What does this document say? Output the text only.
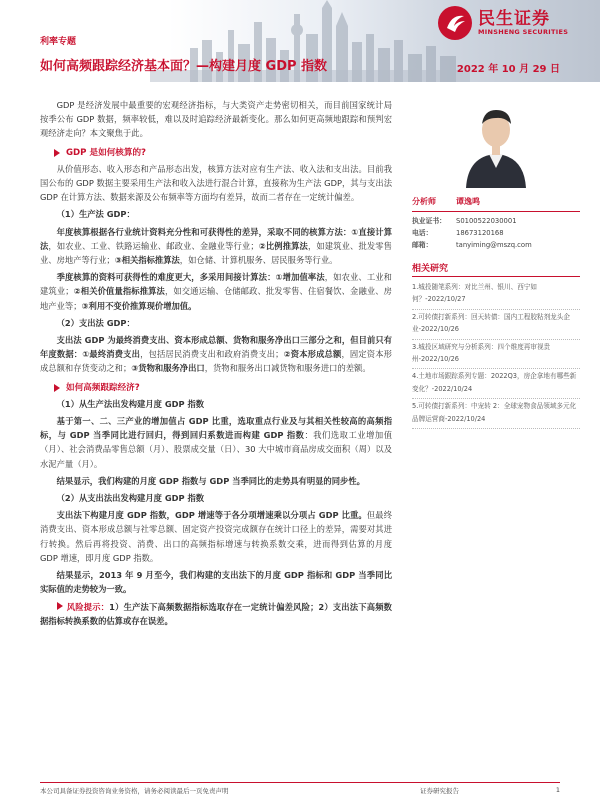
利率专题
如何高频跟踪经济基本面？—构建月度 GDP 指数	2022 年 10 月 29 日
民生证券
MINSHENG SECURITIES

GDP 是经济发展中最重要的宏观经济指标，与大类资产走势密切相关，而目前国家统计局按季公布 GDP 数据，频率较低，难以及时追踪经济最新变化。那么如何更高频地跟踪和预判宏观经济走向？本文聚焦于此。

GDP 是如何核算的?

从价值形态、收入形态和产品形态出发，核算方法对应有生产法、收入法和支出法。目前我国公布的 GDP 数据主要采用生产法和收入法进行混合计算，直接称为生产法 GDP，其与支出法 GDP 在计算方法、数据来源及公布频率等方面均有差异，故而二者存在一定统计偏差。

（1）生产法 GDP：

年度核算根据各行业统计资料充分性和可获得性的差异，采取不同的核算方法：①直接计算法，如农业、工业、铁路运输业、邮政业、金融业等行业；②比例推算法，如建筑业、批发零售业、房地产等行业；③相关指标推算法，如仓储、计算机服务、居民服务等行业。

季度核算的资料可获得性的难度更大，多采用间接计算法：①增加值率法，如农业、工业和建筑业；②相关价值量指标推算法，如交通运输、仓储邮政、批发零售、住宿餐饮、金融业、房地产业等；③利用不变价推算现价增加值。

（2）支出法 GDP：

支出法 GDP 为最终消费支出、资本形成总额、货物和服务净出口三部分之和，但目前只有年度数据：①最终消费支出，包括居民消费支出和政府消费支出；②资本形成总额，固定资本形成总额和存货变动之和；③货物和服务净出口，货物和服务出口减货物和服务进口的差额。

如何高频跟踪经济?
（1）从生产法出发构建月度 GDP 指数

基于第一、二、三产业的增加值占 GDP 比重，选取重点行业及与其相关性较高的高频指标，与 GDP 当季同比进行回归，得到回归系数进而构建 GDP 指数：我们选取工业增加值（月）、社会消费品零售总额（月）、股票成交量（日）、30 大中城市商品房成交面积（周）以及水泥产量（月）。

结果显示，我们构建的月度 GDP 指数与 GDP 当季同比的走势具有明显的同步性。

（2）从支出法出发构建月度 GDP 指数

支出法下构建月度 GDP 指数，GDP 增速等于各分项增速乘以分项占 GDP 比重。但最终消费支出、资本形成总额与社零总额、固定资产投资完成额存在统计口径上的差异，需要对其进行转换。然后再将投资、消费、出口的高频指标增速与转换系数交乘，进而得到估算的月度 GDP 增速，即月度 GDP 指数。

结果显示，2013 年 9 月至今，我们构建的支出法下的月度 GDP 指标和 GDP 当季同比实际值的走势较为一致。

风险提示：1）生产法下高频数据指标选取存在一定统计偏差风险；2）支出法下高频数据指标转换系数的估算或存在误差。

分析师	谭逸鸣
执业证书：	S0100522030001
电话：	18673120168
邮箱：	tanyiming@mszq.com
相关研究
1.城投随笔系列：对比兰州、银川、西宁如何？-2022/10/27
2.可转债打新系列：回天转债：国内工程胶粘剂龙头企业-2022/10/26
3.城投区域研究与分析系列：四个维度再审视贵州-2022/10/26
4.土地市场跟踪系列专题：2022Q3，房企拿地有哪些新变化？-2022/10/24
5.可转债打新系列：中宠转 2：全球宠物食品领域多元化品牌运营商-2022/10/24
本公司具备证券投资咨询业务资格，请务必阅读最后一页免责声明	证券研究报告	1
